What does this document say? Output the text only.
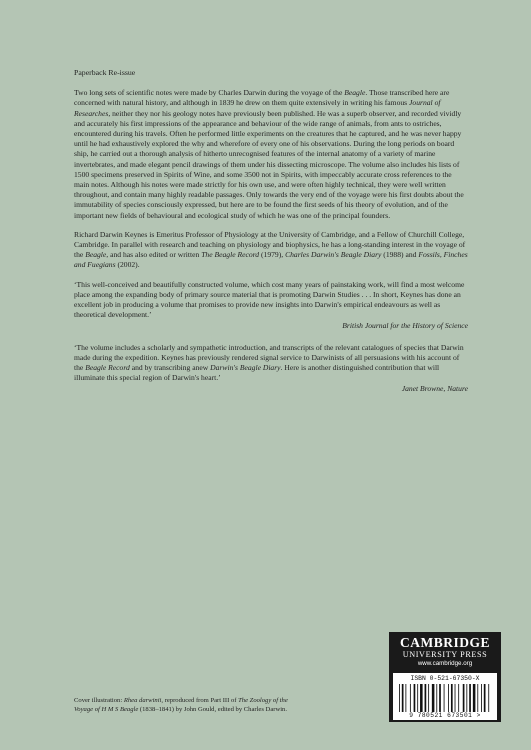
Paperback Re-issue

Two long sets of scientific notes were made by Charles Darwin during the voyage of the Beagle. Those transcribed here are concerned with natural history, and although in 1839 he drew on them quite extensively in writing his famous Journal of Researches, neither they nor his geology notes have previously been published. He was a superb observer, and recorded vividly and accurately his first impressions of the appearance and behaviour of the wide range of animals, from ants to ostriches, encountered during his travels. Often he performed little experiments on the creatures that he captured, and he was never happy until he had exhaustively explored the why and wherefore of every one of his observations. During the long periods on board ship, he carried out a thorough analysis of hitherto unrecognised features of the internal anatomy of a variety of marine invertebrates, and made elegant pencil drawings of them under his dissecting microscope. The volume also includes his lists of 1500 specimens preserved in Spirits of Wine, and some 3500 not in Spirits, with impeccably accurate cross references to the main notes. Although his notes were made strictly for his own use, and were often highly technical, they were well written throughout, and contain many highly readable passages. Only towards the very end of the voyage were his first doubts about the immutability of species consciously expressed, but here are to be found the first seeds of his theory of evolution, and of the important new fields of behavioural and ecological study of which he was one of the principal founders.

Richard Darwin Keynes is Emeritus Professor of Physiology at the University of Cambridge, and a Fellow of Churchill College, Cambridge. In parallel with research and teaching on physiology and biophysics, he has a long-standing interest in the voyage of the Beagle, and has also edited or written The Beagle Record (1979), Charles Darwin's Beagle Diary (1988) and Fossils, Finches and Fuegians (2002).

‘This well-conceived and beautifully constructed volume, which cost many years of painstaking work, will find a most welcome place among the expanding body of primary source material that is promoting Darwin Studies . . . In short, Keynes has done an excellent job in producing a volume that promises to provide new insights into Darwin's empirical endeavours as well as theoretical development.’

British Journal for the History of Science

‘The volume includes a scholarly and sympathetic introduction, and transcripts of the relevant catalogues of species that Darwin made during the expedition. Keynes has previously rendered signal service to Darwinists of all persuasions with his account of the Beagle Record and by transcribing anew Darwin's Beagle Diary. Here is another distinguished contribution that will illuminate this special region of Darwin's heart.’

Janet Browne, Nature

Cover illustration: Rhea darwinii, reproduced from Part III of The Zoology of the Voyage of H M S Beagle (1838–1841) by John Gould, edited by Charles Darwin.
CAMBRIDGE
UNIVERSITY PRESS
www.cambridge.org
ISBN 0-521-67350-X
9 780521 673501 >
